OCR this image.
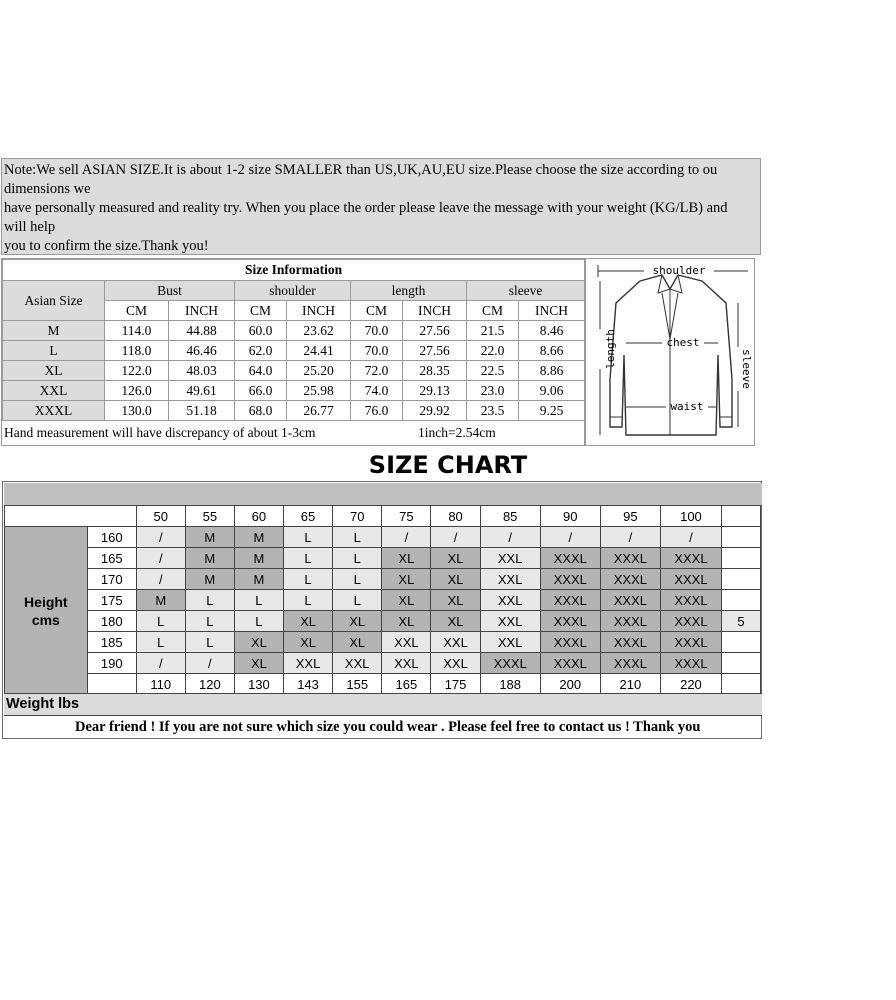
Note:We sell ASIAN SIZE.It is about 1-2 size SMALLER than US,UK,AU,EU size.Please choose the size according to ou

dimensions we

have personally measured and reality try. When you place the order please leave the message with your weight (KG/LB) and

will help

you to confirm the size.Thank you!

Size Information								
Asian Size	Bust		shoulder		length		sleeve	
	CM	INCH	CM	INCH	CM	INCH	CM	INCH
M	114.0	44.88	60.0	23.62	70.0	27.56	21.5	8.46
L	118.0	46.46	62.0	24.41	70.0	27.56	22.0	8.66
XL	122.0	48.03	64.0	25.20	72.0	28.35	22.5	8.86
XXL	126.0	49.61	66.0	25.98	74.0	29.13	23.0	9.06
XXXL	130.0	51.18	68.0	26.77	76.0	29.92	23.5	9.25
Hand measurement will have discrepancy of about 1-3cm	1inch=2.54cm
shoulder
chest
waist
length
sleeve
SIZE CHART
		50	55	60	65	70	75	80	85	90	95	100	

Height
cms	160	/	M	M	L	L	/	/	/	/	/	/	
	165	/	M	M	L	L	XL	XL	XXL	XXXL	XXXL	XXXL	
	170	/	M	M	L	L	XL	XL	XXL	XXXL	XXXL	XXXL	
	175	M	L	L	L	L	XL	XL	XXL	XXXL	XXXL	XXXL	
	180	L	L	L	XL	XL	XL	XL	XXL	XXXL	XXXL	XXXL	5
	185	L	L	XL	XL	XL	XXL	XXL	XXL	XXXL	XXXL	XXXL	
	190	/	/	XL	XXL	XXL	XXL	XXL	XXXL	XXXL	XXXL	XXXL	
		110	120	130	143	155	165	175	188	200	210	220	
Weight lbs
Dear friend ! If you are not sure which size you could wear . Please feel free to contact us ! Thank you
